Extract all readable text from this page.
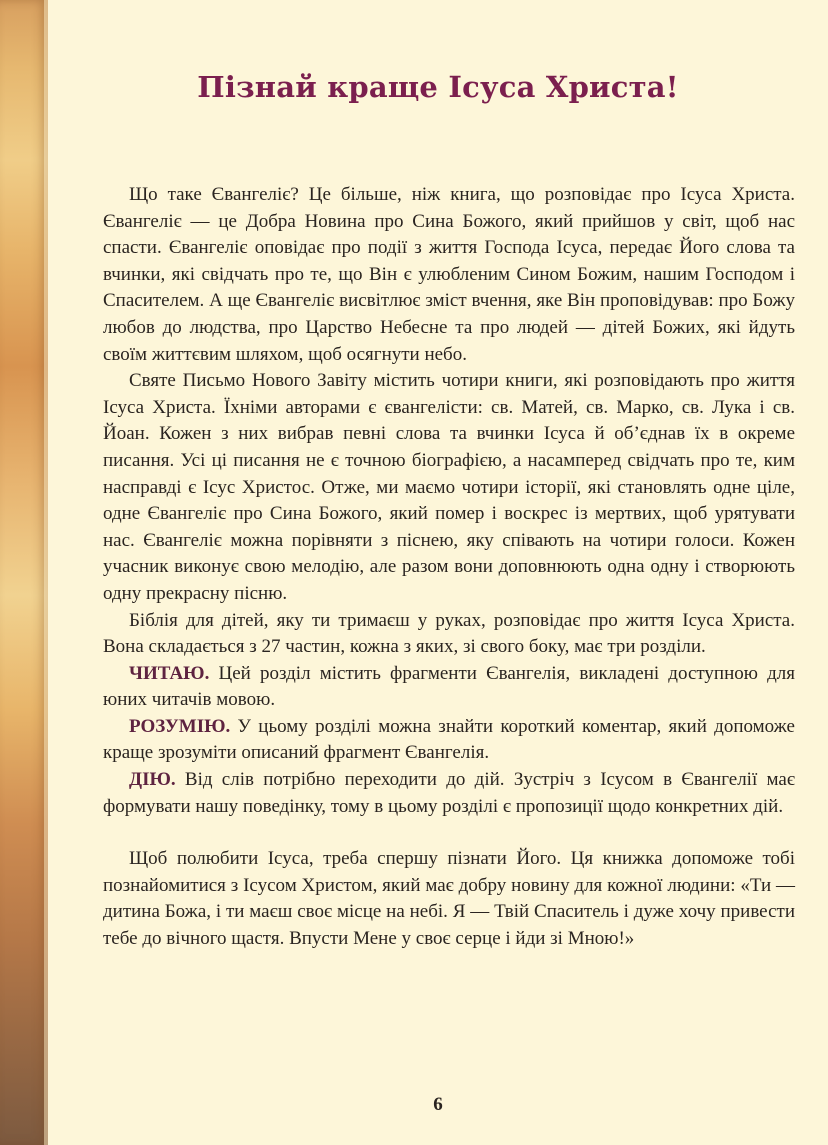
Пізнай краще Ісуса Христа!

Що таке Євангеліє? Це більше, ніж книга, що розповідає про Ісуса Христа. Євангеліє — це Добра Новина про Сина Божого, який прийшов у світ, щоб нас спасти. Євангеліє оповідає про події з життя Господа Ісуса, передає Його слова та вчинки, які свідчать про те, що Він є улюбленим Сином Божим, нашим Господом і Спасителем. А ще Євангеліє висвітлює зміст вчення, яке Він проповідував: про Божу любов до людства, про Царство Небесне та про людей — дітей Божих, які йдуть своїм життєвим шляхом, щоб осягнути небо.

Святе Письмо Нового Завіту містить чотири книги, які розповідають про життя Ісуса Христа. Їхніми авторами є євангелісти: св. Матей, св. Марко, св. Лука і св. Йоан. Кожен з них вибрав певні слова та вчинки Ісуса й об’єднав їх в окреме писання. Усі ці писання не є точною біографією, а насамперед свідчать про те, ким насправді є Ісус Христос. Отже, ми маємо чотири історії, які становлять одне ціле, одне Євангеліє про Сина Божого, який помер і воскрес із мертвих, щоб урятувати нас. Євангеліє можна порівняти з піснею, яку співають на чотири голоси. Кожен учасник виконує свою мелодію, але разом вони доповнюють одна одну і створюють одну прекрасну пісню.

Біблія для дітей, яку ти тримаєш у руках, розповідає про життя Ісуса Христа. Вона складається з 27 частин, кожна з яких, зі свого боку, має три розділи.

ЧИТАЮ. Цей розділ містить фрагменти Євангелія, викладені доступною для юних читачів мовою.

РОЗУМІЮ. У цьому розділі можна знайти короткий коментар, який допоможе краще зрозуміти описаний фрагмент Євангелія.

ДІЮ. Від слів потрібно переходити до дій. Зустріч з Ісусом в Євангелії має формувати нашу поведінку, тому в цьому розділі є пропозиції щодо конкретних дій.

Щоб полюбити Ісуса, треба спершу пізнати Його. Ця книжка допоможе тобі познайомитися з Ісусом Христом, який має добру новину для кожної людини: «Ти — дитина Божа, і ти маєш своє місце на небі. Я — Твій Спаситель і дуже хочу привести тебе до вічного щастя. Впусти Мене у своє серце і йди зі Мною!»

6
